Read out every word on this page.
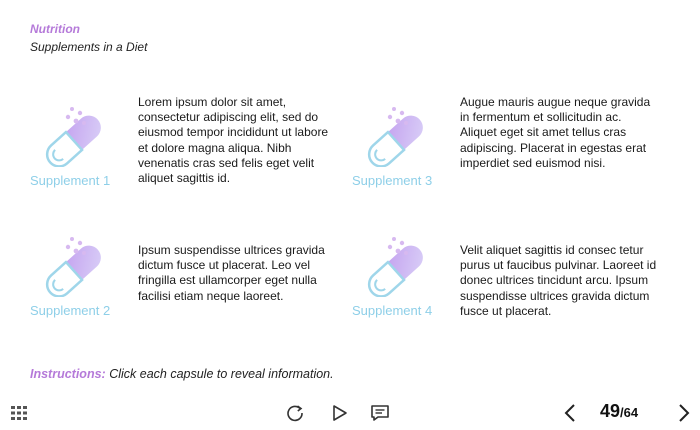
Nutrition
Supplements in a Diet
Supplement 1
Lorem ipsum dolor sit amet, consectetur adipiscing elit, sed do eiusmod tempor incididunt ut labore et dolore magna aliqua. Nibh venenatis cras sed felis eget velit aliquet sagittis id.	Supplement 3
Augue mauris augue neque gravida in fermentum et sollicitudin ac. Aliquet eget sit amet tellus cras adipiscing. Placerat in egestas erat imperdiet sed euismod nisi.
Supplement 2
Ipsum suspendisse ultrices gravida dictum fusce ut placerat. Leo vel fringilla est ullamcorper eget nulla facilisi etiam neque laoreet.
Supplement 4
Velit aliquet sagittis id consec tetur purus ut faucibus pulvinar. Laoreet id donec ultrices tincidunt arcu. Ipsum suspendisse ultrices gravida dictum fusce ut placerat.
Instructions: Click each capsule to reveal information.
49/64
